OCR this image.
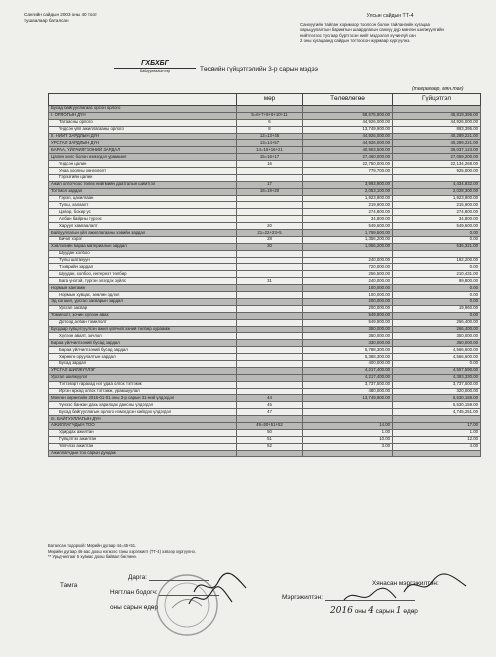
Сангийн сайдын 2003 оны 40 тоот
тушаалаар баталсан
Улсын сайдын ТТ-4
Санхүүгийн тайлан хоримоор тоолсон болон тайлангийн хугацаа
харьцуулалтын баримтын шаардлагын санхүү дүр мөнгөн шилжүүлгийн
нийтлэгээс тусгаар бүртгэсэн нийт мэдээлэл хүчингүй сан
2 оны хугацаанд сайдын тогтоосон журмаар хүргүүлнэ.
ГХБХБГ
Байгууллагын нэр	Төсвийн гүйцэтгэлийн 3-р сарын мэдээ
(төгрөгөөр, мян.төг)
	мөр	Төлөвлөгөө	Гүйцэтгэл
Бусад байгууллагаас орсон орлого			
I. ОРЛОГЫН ДҮН	5=6+7+8+9+10+11	58,675,900.00	45,819,395.00
Татаасны орлого	6	44,926,000.00	44,926,000.00
Үндсэн үйл ажиллагааны орлого	8	13,749,900.00	893,395.00
II. НИЙТ ЗАРДЛЫН ДҮН	12=13+45	44,926,000.00	40,289,221.00
УРСГАЛ ЗАРДЛЫН ДҮН	13=14+57	44,926,000.00	40,289,221.00
БАРАА, ҮЙЛЧИЛГЭЭНИЙ ЗАРДАЛ	14=15+16+21	40,903,500.00	36,037,123.00
Цалин хөлс болон нэмэгдэл урамшил	15=16+17	27,460,000.00	27,059,200.00
Үндсэн цалин	16	22,750,000.00	22,134,268.00
Унаа хоолны хөнгөлөлт		779,700.00	925,000.00
Гэрээгийн цалин			
Ажил олгогчоос төлөх нийгмийн даатгалын шимтгэл	17	3,993,900.00	4,434,932.00
Тогтмол зардал	18=19+20	2,053,100.00	2,028,300.00
Гэрэл, цахилгаан		1,923,900.00	1,923,900.00
Түлш, халаалт		219,900.00	215,900.00
Цэвэр, бохир ус		274,800.00	274,800.00
Албан байрны түрээс		34,800.00	34,800.00
Харуул хамгаалалт	20	549,600.00	549,600.00
Байгууллагын үйл ажиллагааны хэвийн зардал	21=22+23+5	1,759,500.00	0.00
Бичиг хэрэг	28	1,356,200.00	0.00
Хэвлэлийн бараа материалын зардал	30	1,056,200.00	536,321.00
Шуудан холбоо			
Түлш шатахуун		240,000.00	192,200.00
Тээврийн зардал		720,000.00	0.00
Шуудан, холбоо, интернэт төлбөр		256,500.00	210,431.00
Бага үнэтэй, түргэн элэгдэх зүйлс	31	240,000.00	99,800.00
Нормын хангамж		100,000.00	0.00
Нормын хувцас, зөөлөн эдлэл		100,000.00	0.00
Эд хогшил, урсгал засварын зардал		200,000.00	0.00
Урсгал засвар		200,000.00	19,960.00
Томилолт, зочин хүлээн авах		549,900.00	0.00
Дотоод албан томилолт		549,900.00	266,400.00
Бусдаар гүйцэтгүүлсэн ажил үйлчилгээний төлбөр хураамж		350,000.00	266,400.00
Хүлээн авалт, зочлол		350,000.00	350,000.00
Бараа үйлчилгээний бусад зардал		330,000.00	350,000.00
Бараа үйлчилгээний бусад зардал		5,788,300.00	4,566,600.00
Хөрөнгө оруулалтын зардал		5,388,300.00	4,566,600.00
Бусад зардал		400,000.00	0.00
УРСГАЛ ШИЛЖҮҮЛЭГ		4,217,400.00	4,557,590.00
Урсгал шилжүүлэг		4,217,400.00	4,393,330.00
Тэтгэвэрт гарахад нэг удаа олгох тэтгэмж		3,737,500.00	3,737,500.00
Иргэн өрхөд олгох тэтгэмж, урамшуулал		480,000.00	320,000.00
Мөнгөн хөрөнгийн 2016-01-01 оны 3-р сарын 31-ний үлдэгдэл	44	13,749,900.00	5,530,159.00
Үүнээс банкан дахь харилцах дансны үлдэгдэл	45		5,530,159.00
Бусад байгууллагын орлого нэмэгдсэн хийгдэх үлдэгдэл	47		4,745,251.00
III. БАЙГУУЛЛАГЫН ДҮН			
АЖИЛЛАГЧДЫН ТОО	49=50+51+52	14.00	17.00
Удирдах ажилтан	50	1.00	1.00
Гүйцэтгэх ажилтан	51	10.00	12.00
Үйлчлэх ажилтан	52	3.00	4.00
Ажиллагчдын тоо сарын дундаж			
Баталсан тодорхой: Мөрийн дугаар 44=45+51.
Мөрийн дугаар 46-аас доош нэгжээс таны хэрэгжилт (ТТ-4) хэвээр хүргүүлнэ.
** Урьдчилгааг 5 хувиас доош байвал бөглөнө.
Тамга
Дарга:
Нягтлан бодогч:
оны сарын өдөр
Хянасан мэргэжилтэн:
Мэргэжилтэн:
2016 оны 4 сарын 1 өдөр
